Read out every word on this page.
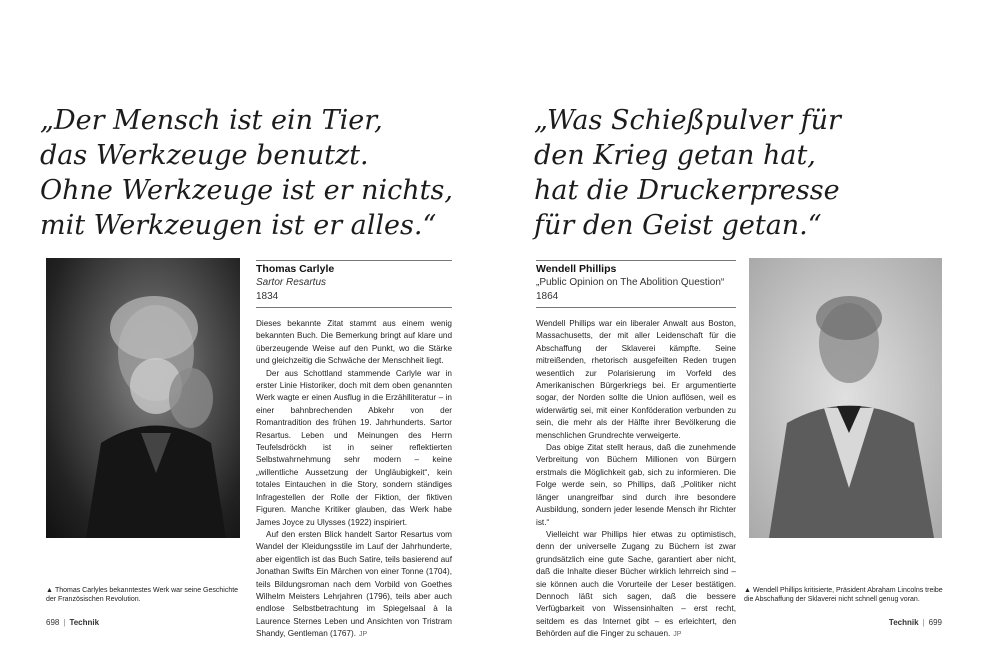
„Der Mensch ist ein Tier,
das Werkzeuge benutzt.
Ohne Werkzeuge ist er nichts,
mit Werkzeugen ist er alles.“
Thomas Carlyle
Sartor Resartus
1834

Dieses bekannte Zitat stammt aus einem wenig bekannten Buch. Die Bemerkung bringt auf klare und überzeugende Weise auf den Punkt, wo die Stärke und gleichzeitig die Schwäche der Menschheit liegt.

Der aus Schottland stammende Carlyle war in erster Linie Historiker, doch mit dem oben genannten Werk wagte er einen Ausflug in die Erzählliteratur – in einer bahnbrechenden Abkehr von der Romantradition des frühen 19. Jahrhunderts. Sartor Resartus. Leben und Meinungen des Herrn Teufelsdröckh ist in seiner reflektierten Selbstwahrnehmung sehr modern – keine „willentliche Aussetzung der Ungläubigkeit“, kein totales Eintauchen in die Story, sondern ständiges Infragestellen der Rolle der Fiktion, der fiktiven Figuren. Manche Kritiker glauben, das Werk habe James Joyce zu Ulysses (1922) inspiriert.

Auf den ersten Blick handelt Sartor Resartus vom Wandel der Kleidungsstile im Lauf der Jahrhunderte, aber eigentlich ist das Buch Satire, teils basierend auf Jonathan Swifts Ein Märchen von einer Tonne (1704), teils Bildungsroman nach dem Vorbild von Goethes Wilhelm Meisters Lehrjahren (1796), teils aber auch endlose Selbstbetrachtung im Spiegelsaal à la Laurence Sternes Leben und Ansichten von Tristram Shandy, Gentleman (1767). JP

▲ Thomas Carlyles bekanntestes Werk war seine Geschichte der Französischen Revolution.
698 | Technik
„Was Schießpulver für
den Krieg getan hat,
hat die Druckerpresse
für den Geist getan.“
Wendell Phillips
„Public Opinion on The Abolition Question“
1864

Wendell Phillips war ein liberaler Anwalt aus Boston, Massachusetts, der mit aller Leidenschaft für die Abschaffung der Sklaverei kämpfte. Seine mitreißenden, rhetorisch ausgefeilten Reden trugen wesentlich zur Polarisierung im Vorfeld des Amerikanischen Bürgerkriegs bei. Er argumentierte sogar, der Norden sollte die Union auflösen, weil es widerwärtig sei, mit einer Konföderation verbunden zu sein, die mehr als der Hälfte ihrer Bevölkerung die menschlichen Grundrechte verweigerte.

Das obige Zitat stellt heraus, daß die zunehmende Verbreitung von Büchern Millionen von Bürgern erstmals die Möglichkeit gab, sich zu informieren. Die Folge werde sein, so Phillips, daß „Politiker nicht länger unangreifbar sind durch ihre besondere Ausbildung, sondern jeder lesende Mensch ihr Richter ist.“

Vielleicht war Phillips hier etwas zu optimistisch, denn der universelle Zugang zu Büchern ist zwar grundsätzlich eine gute Sache, garantiert aber nicht, daß die Inhalte dieser Bücher wirklich lehrreich sind – sie können auch die Vorurteile der Leser bestätigen. Dennoch läßt sich sagen, daß die bessere Verfügbarkeit von Wissensinhalten – erst recht, seitdem es das Internet gibt – es erleichtert, den Behörden auf die Finger zu schauen. JP

▲ Wendell Phillips kritisierte, Präsident Abraham Lincolns treibe die Abschaffung der Sklaverei nicht schnell genug voran.
Technik | 699
